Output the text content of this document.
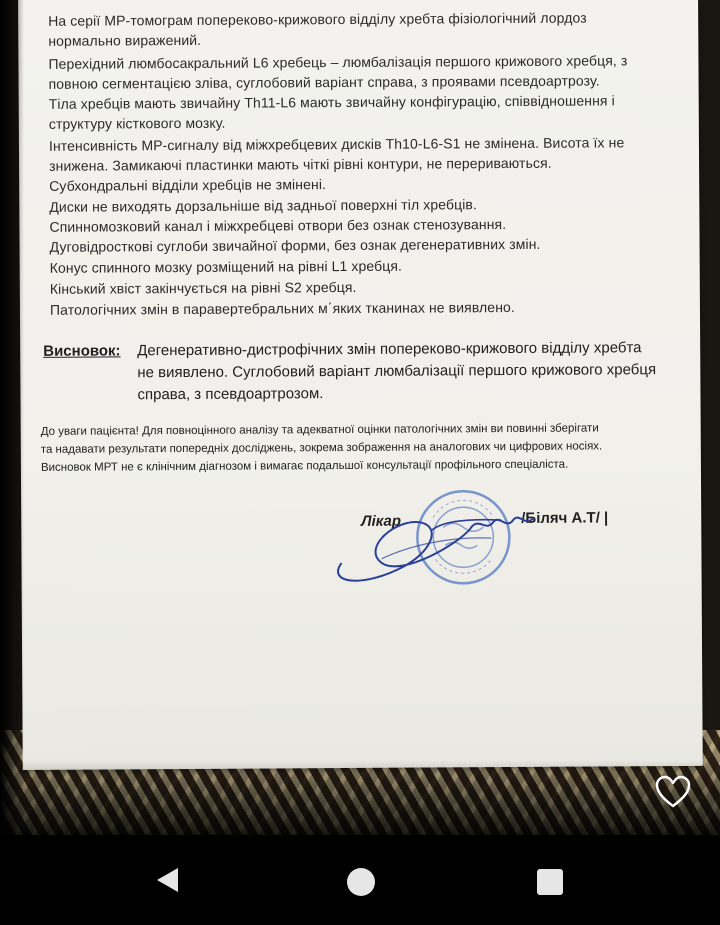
На серії МР-томограм попереково-крижового відділу хребта фізіологічний лордоз
нормально виражений.
Перехідний люмбосакральний L6 хребець – люмбалізація першого крижового хребця, з
повною сегментацією зліва, суглобовий варіант справа, з проявами псевдоартрозу.
Тіла хребців мають звичайну Th11-L6 мають звичайну конфігурацію, співвідношення і
структуру кісткового мозку.
Інтенсивність МР-сигналу від міжхребцевих дисків Th10-L6-S1 не змінена. Висота їх не
знижена. Замикаючі пластинки мають чіткі рівні контури, не перериваються.
Субхондральні відділи хребців не змінені.
Диски не виходять дорзальніше від задньої поверхні тіл хребців.
Спинномозковий канал і міжхребцеві отвори без ознак стенозування.
Дуговідросткові суглоби звичайної форми, без ознак дегенеративних змін.
Конус спинного мозку розміщений на рівні L1 хребця.
Кінський хвіст закінчується на рівні S2 хребця.
Патологічних змін в паравертебральних м΄яких тканинах не виявлено.
Висновок: Дегенеративно-дистрофічних змін попереково-крижового відділу хребта
не виявлено. Суглобовий варіант люмбалізації першого крижового хребця
справа, з псевдоартрозом.
До уваги пацієнта! Для повноцінного аналізу та адекватної оцінки патологічних змін ви повинні зберігати
та надавати результати попередніх досліджень, зокрема зображення на аналогових чи цифрових носіях.
Висновок МРТ не є клінічним діагнозом і вимагає подальшої консультації профільного спеціаліста.
Лікар	/Біляч А.Т/ |
